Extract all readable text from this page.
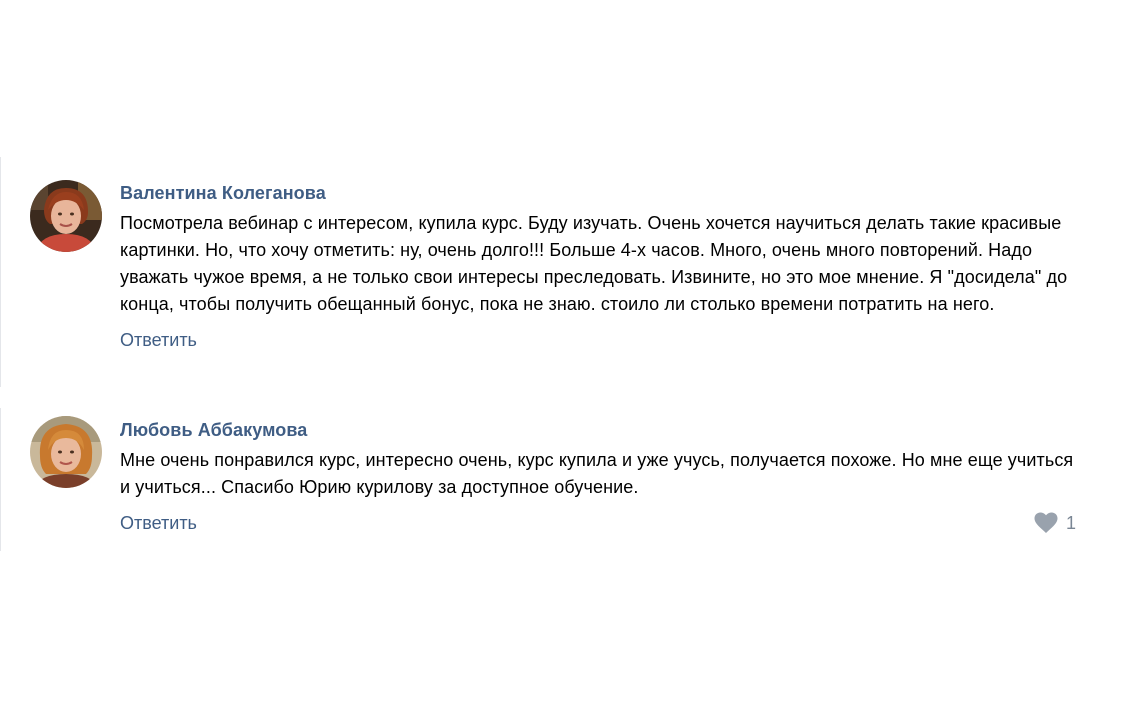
Валентина Колеганова
Посмотрела вебинар с интересом, купила курс. Буду изучать. Очень хочется научиться делать такие красивые картинки. Но, что хочу отметить: ну, очень долго!!! Больше 4-х часов. Много, очень много повторений. Надо уважать чужое время, а не только свои интересы преследовать. Извините, но это мое мнение. Я "досидела" до конца, чтобы получить обещанный бонус, пока не знаю. стоило ли столько времени потратить на него.
Ответить
Любовь Аббакумова
Мне очень понравился курс, интересно очень, курс купила и уже учусь, получается похоже. Но мне еще учиться и учиться... Спасибо Юрию курилову за доступное обучение.
Ответить	1
